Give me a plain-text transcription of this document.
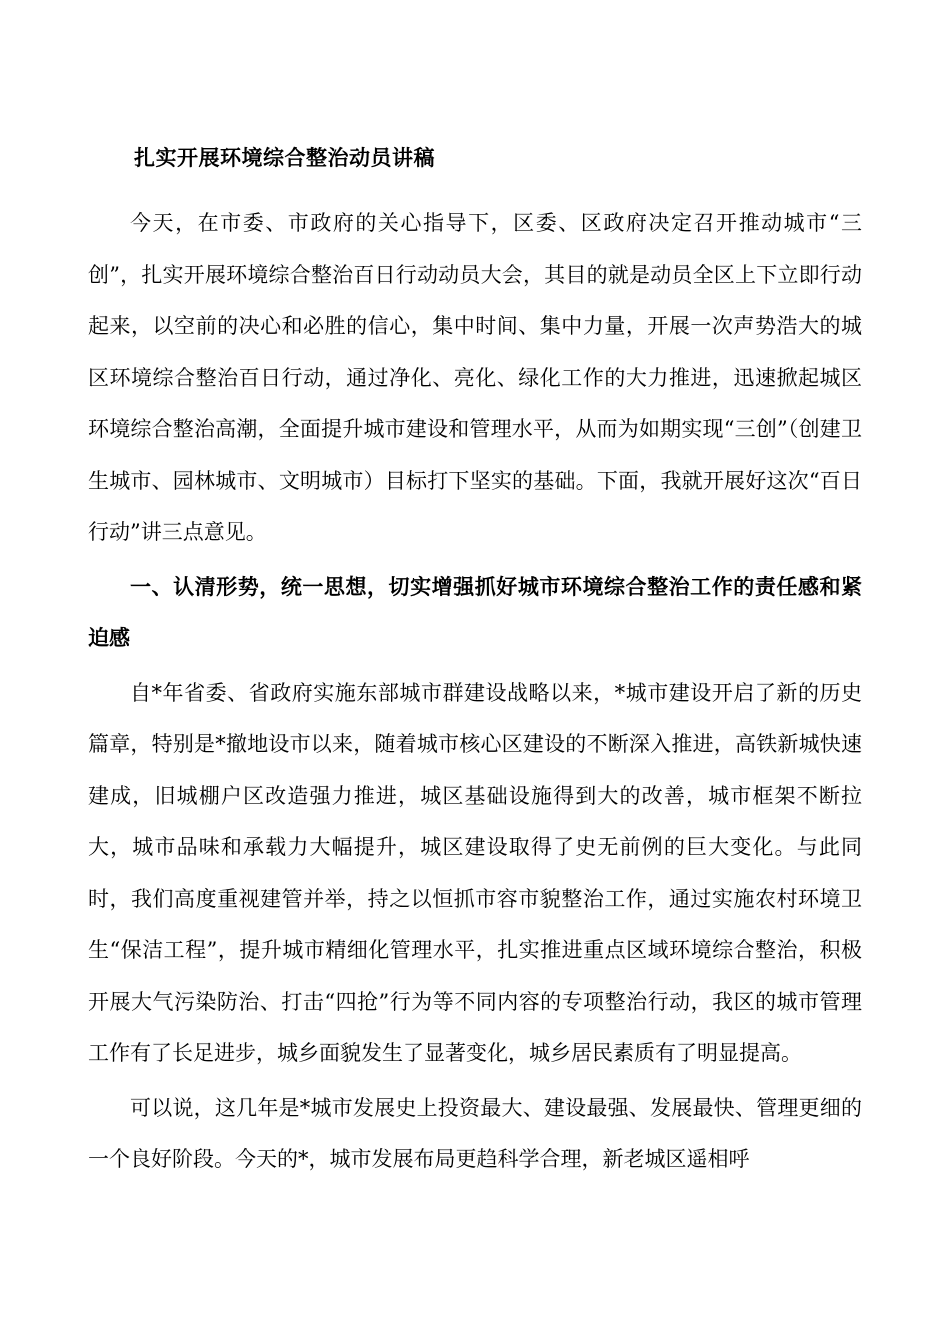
扎实开展环境综合整治动员讲稿

今天，在市委、市政府的关心指导下，区委、区政府决定召开推动城市“三创”，扎实开展环境综合整治百日行动动员大会，其目的就是动员全区上下立即行动起来，以空前的决心和必胜的信心，集中时间、集中力量，开展一次声势浩大的城区环境综合整治百日行动，通过净化、亮化、绿化工作的大力推进，迅速掀起城区环境综合整治高潮，全面提升城市建设和管理水平，从而为如期实现“三创”（创建卫生城市、园林城市、文明城市）目标打下坚实的基础。下面，我就开展好这次“百日行动”讲三点意见。

一、认清形势，统一思想，切实增强抓好城市环境综合整治工作的责任感和紧迫感

自*年省委、省政府实施东部城市群建设战略以来，*城市建设开启了新的历史篇章，特别是*撤地设市以来，随着城市核心区建设的不断深入推进，高铁新城快速建成，旧城棚户区改造强力推进，城区基础设施得到大的改善，城市框架不断拉大，城市品味和承载力大幅提升，城区建设取得了史无前例的巨大变化。与此同时，我们高度重视建管并举，持之以恒抓市容市貌整治工作，通过实施农村环境卫生“保洁工程”，提升城市精细化管理水平，扎实推进重点区域环境综合整治，积极开展大气污染防治、打击“四抢”行为等不同内容的专项整治行动，我区的城市管理工作有了长足进步，城乡面貌发生了显著变化，城乡居民素质有了明显提高。

可以说，这几年是*城市发展史上投资最大、建设最强、发展最快、管理更细的一个良好阶段。今天的*，城市发展布局更趋科学合理，新老城区遥相呼
